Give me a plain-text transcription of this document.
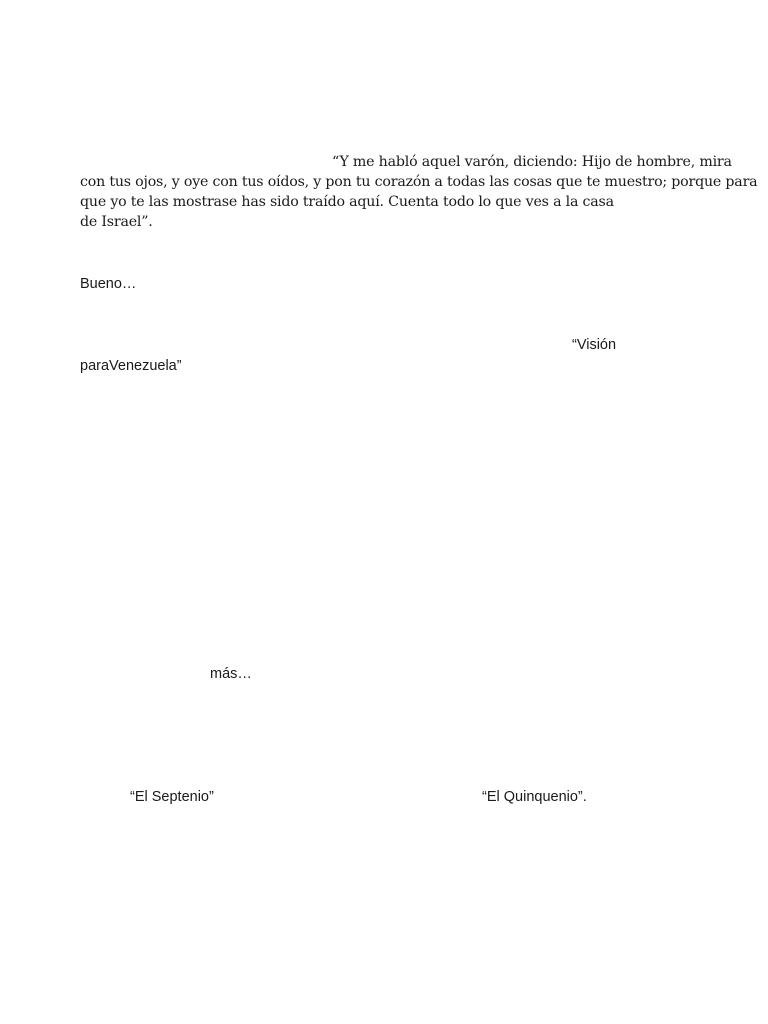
“Y me habló aquel varón, diciendo: Hijo de hombre, mira

con tus ojos, y oye con tus oídos, y pon tu corazón a todas las cosas que te muestro; porque para

que yo te las mostrase has sido traído aquí. Cuenta todo lo que ves a la casa

de Israel”.

Bueno…

“Visión

paraVenezuela”

más…

“El Septenio”	“El Quinquenio”.
